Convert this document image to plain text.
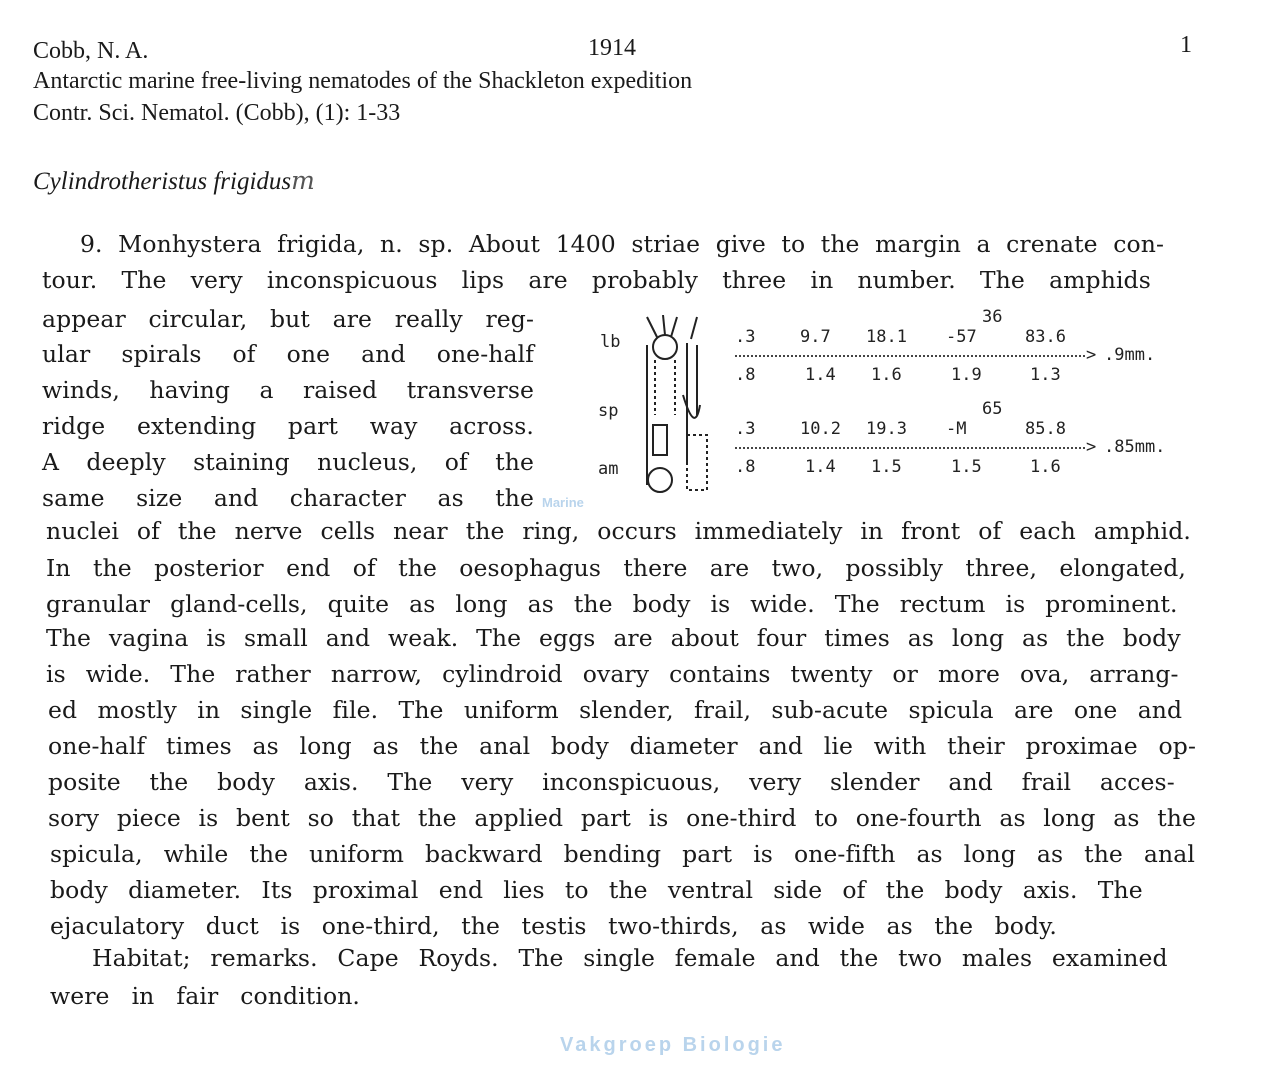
Cobb, N. A.	1914	1
Antarctic marine free-living nematodes of the Shackleton expedition
Contr. Sci. Nematol. (Cobb), (1): 1-33
Cylindrotheristus frigidusm
9. Monhystera frigida, n. sp. About 1400 striae give to the margin a crenate con-
tour. The very inconspicuous lips are probably three in number. The amphids
appear circular, but are really reg-
ular spirals of one and one-half
winds, having a raised transverse
ridge extending part way across.
A deeply staining nucleus, of the
same size and character as the
nuclei of the nerve cells near the ring, occurs immediately in front of each amphid.
In the posterior end of the oesophagus there are two, possibly three, elongated,
granular gland-cells, quite as long as the body is wide. The rectum is prominent.
The vagina is small and weak. The eggs are about four times as long as the body
is wide. The rather narrow, cylindroid ovary contains twenty or more ova, arrang-
ed mostly in single file. The uniform slender, frail, sub-acute spicula are one and
one-half times as long as the anal body diameter and lie with their proximae op-
posite the body axis. The very inconspicuous, very slender and frail acces-
sory piece is bent so that the applied part is one-third to one-fourth as long as the
spicula, while the uniform backward bending part is one-fifth as long as the anal
body diameter. Its proximal end lies to the ventral side of the body axis. The
ejaculatory duct is one-third, the testis two-thirds, as wide as the body.
Habitat; remarks. Cape Royds. The single female and the two males examined
were in fair condition.
lb
sp
am
.3	9.7 18.1 -57	83.6
36
> .9mm.
.8	1.4 1.6	1.9	1.3
.3	10.2 19.3 -M	85.8
65
> .85mm.
.8	1.4 1.5	1.5	1.6
Marine
Vakgroep Biologie
